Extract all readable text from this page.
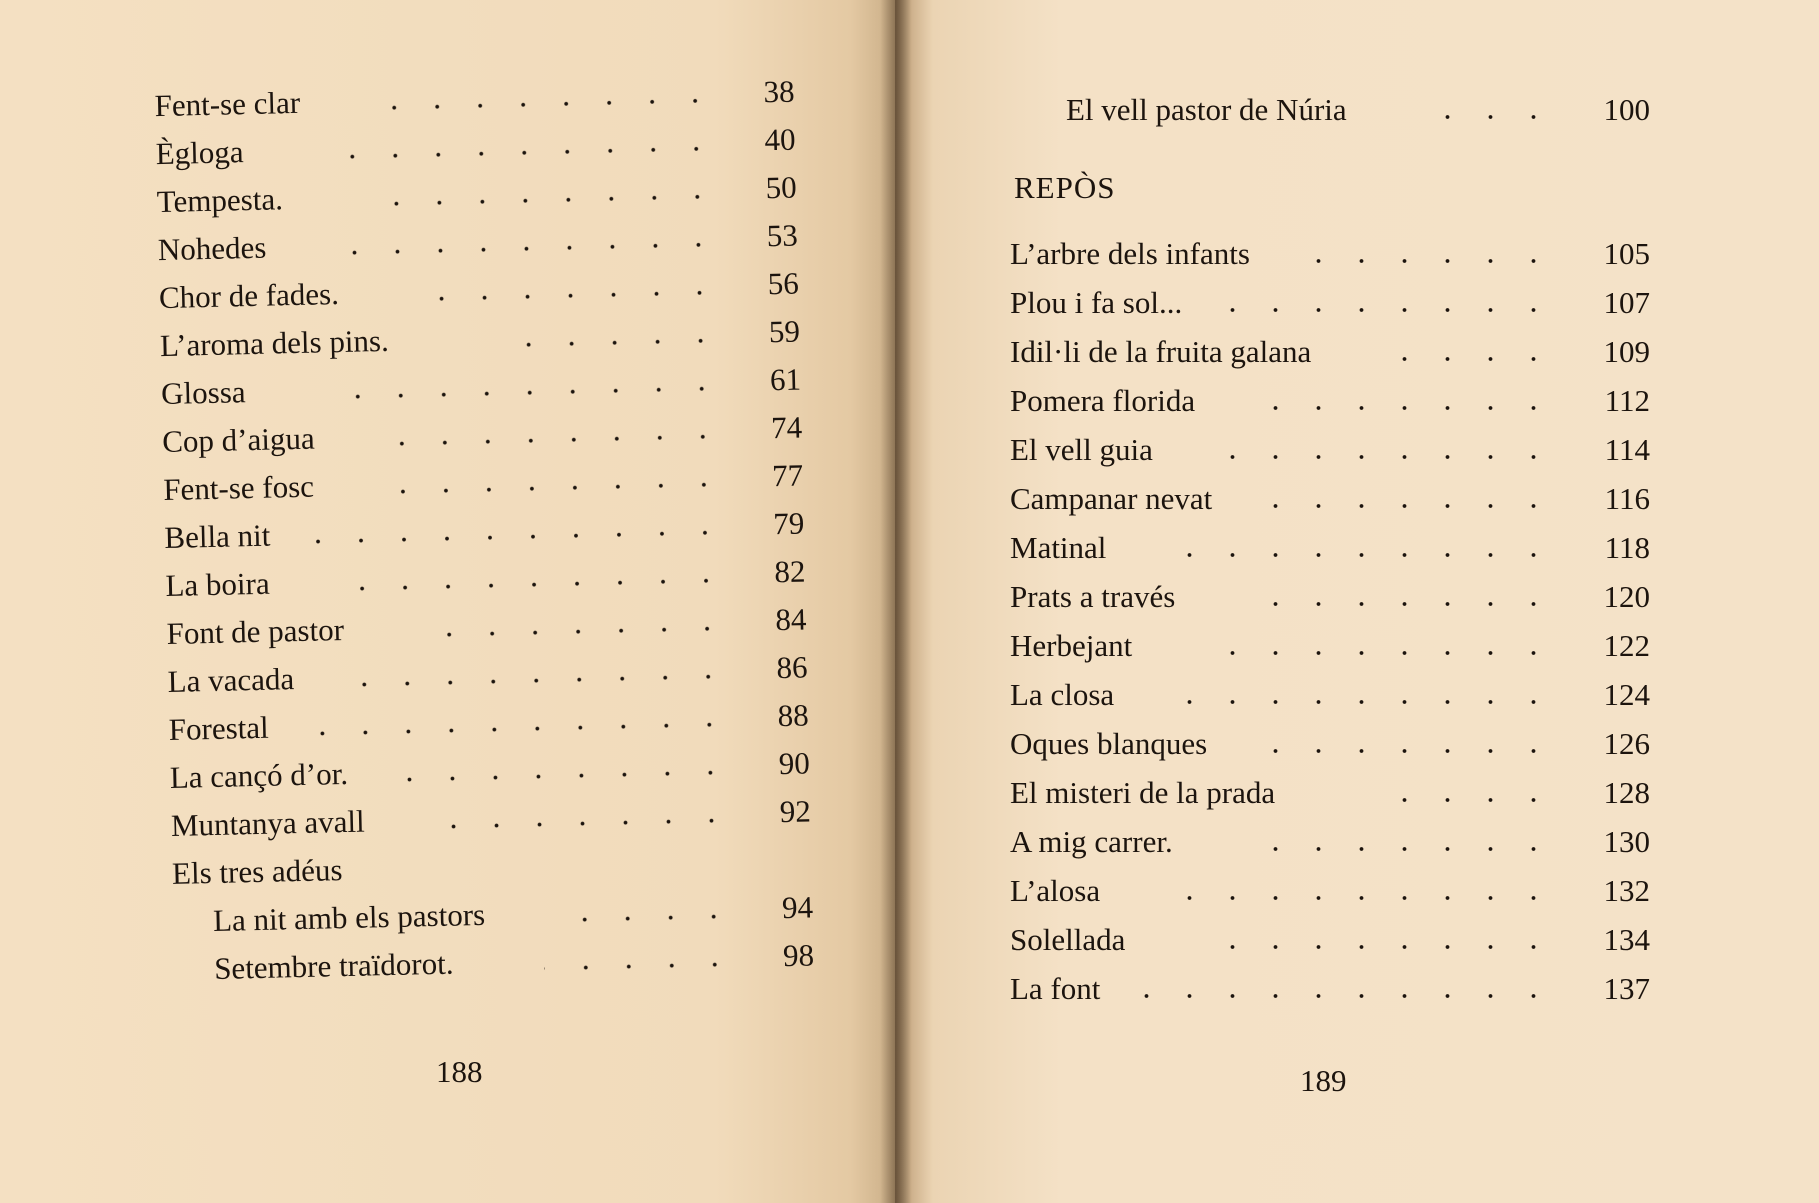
Fent-se clar	38
Ègloga	40
Tempesta.	50
Nohedes	53
Chor de fades.	56
L’aroma dels pins.	59
Glossa	61
Cop d’aigua	74
Fent-se fosc	77
Bella nit	79
La boira	82
Font de pastor	84
La vacada	86
Forestal	88
La cançó d’or.	90
Muntanya avall	92
Els tres adéus
La nit amb els pastors	94
Setembre traïdorot.	98
188
El vell pastor de Núria	100
REPÒS
L’arbre dels infants	105
Plou i fa sol...	107
Idil·li de la fruita galana	109
Pomera florida	112
El vell guia	114
Campanar nevat	116
Matinal	118
Prats a través	120
Herbejant	122
La closa	124
Oques blanques	126
El misteri de la prada	128
A mig carrer.	130
L’alosa	132
Solellada	134
La font	137
189
